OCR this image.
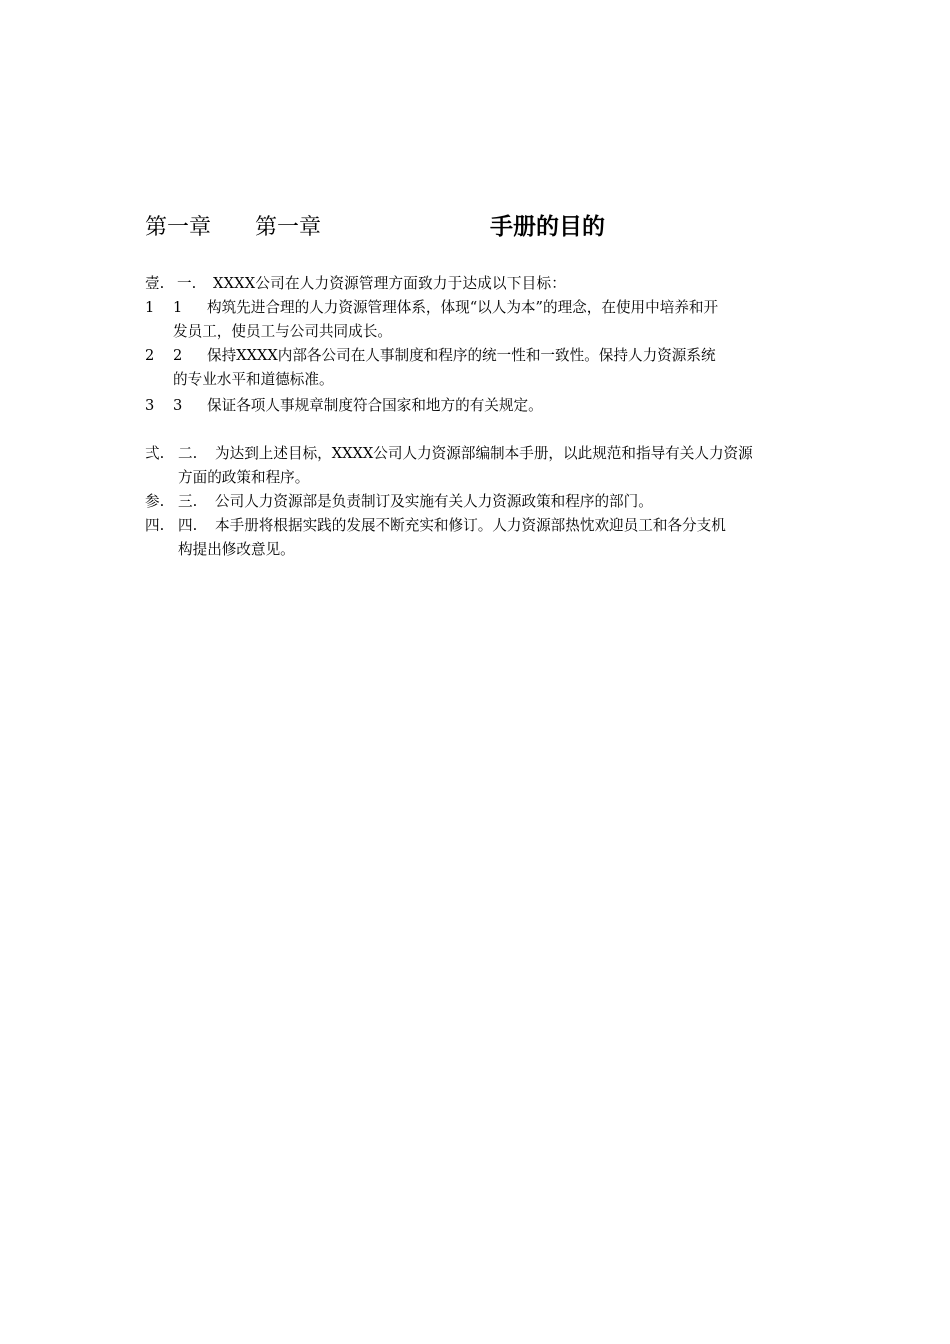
第一章 第一章	手册的目的
壹. 一. XXXX公司在人力资源管理方面致力于达成以下目标：
1 1	构筑先进合理的人力资源管理体系，体现“以人为本”的理念，在使用中培养和开
发员工，使员工与公司共同成长。
2 2	保持XXXX内部各公司在人事制度和程序的统一性和一致性。保持人力资源系统
的专业水平和道德标准。
3 3	保证各项人事规章制度符合国家和地方的有关规定。
弍. 二.	为达到上述目标，XXXX公司人力资源部编制本手册，以此规范和指导有关人力资源
方面的政策和程序。
参. 三.	公司人力资源部是负责制订及实施有关人力资源政策和程序的部门。
四. 四.	本手册将根据实践的发展不断充实和修订。人力资源部热忱欢迎员工和各分支机
构提出修改意见。
